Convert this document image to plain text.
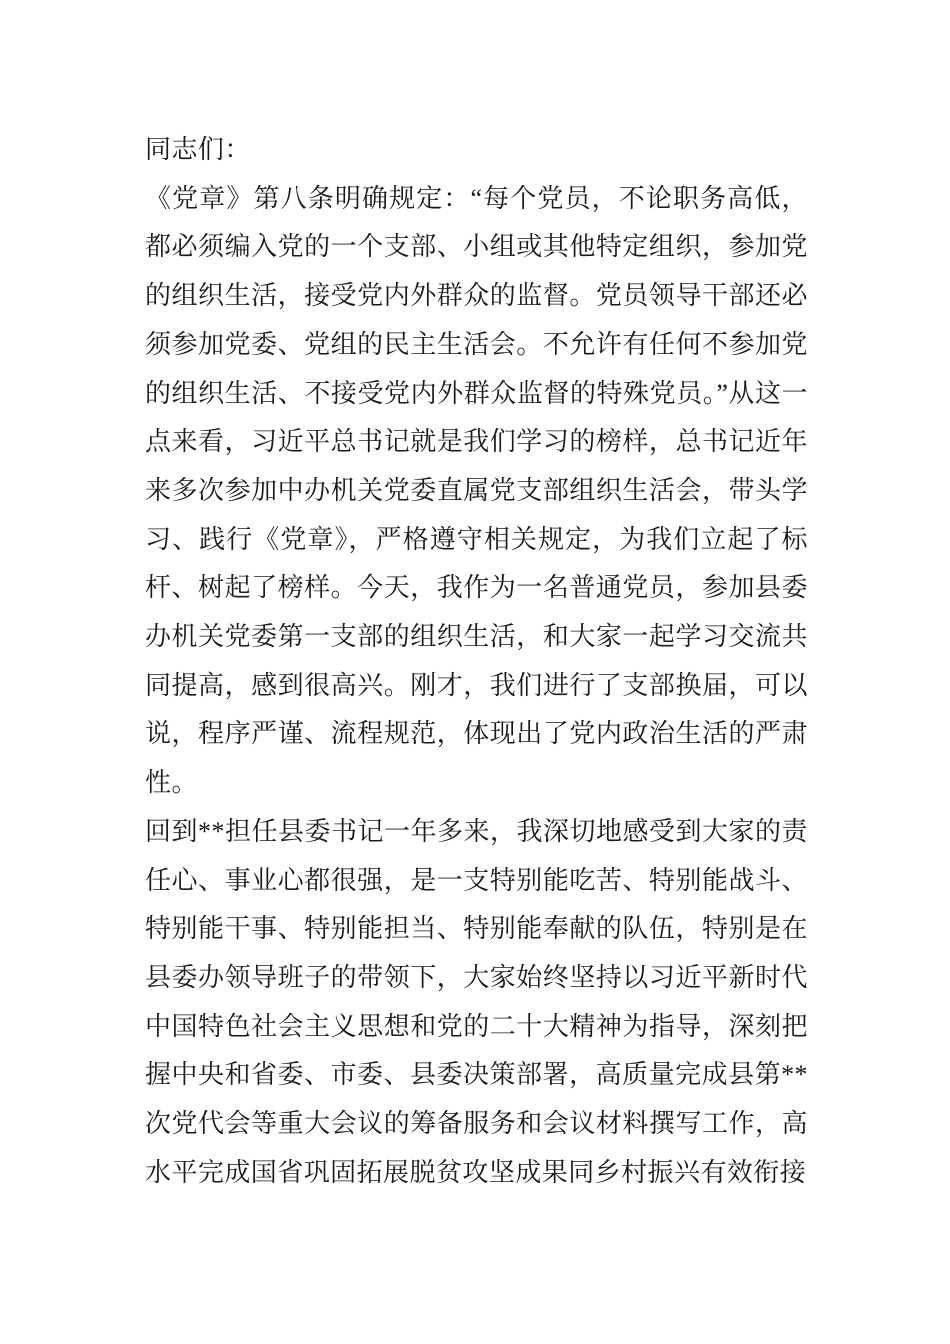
同志们：

《党章》第八条明确规定：“每个党员，不论职务高低，都必须编入党的一个支部、小组或其他特定组织，参加党的组织生活，接受党内外群众的监督。党员领导干部还必须参加党委、党组的民主生活会。不允许有任何不参加党的组织生活、不接受党内外群众监督的特殊党员。”从这一点来看，习近平总书记就是我们学习的榜样，总书记近年来多次参加中办机关党委直属党支部组织生活会，带头学习、践行《党章》，严格遵守相关规定，为我们立起了标杆、树起了榜样。今天，我作为一名普通党员，参加县委办机关党委第一支部的组织生活，和大家一起学习交流共同提高，感到很高兴。刚才，我们进行了支部换届，可以说，程序严谨、流程规范，体现出了党内政治生活的严肃性。

回到**担任县委书记一年多来，我深切地感受到大家的责任心、事业心都很强，是一支特别能吃苦、特别能战斗、特别能干事、特别能担当、特别能奉献的队伍，特别是在县委办领导班子的带领下，大家始终坚持以习近平新时代中国特色社会主义思想和党的二十大精神为指导，深刻把握中央和省委、市委、县委决策部署，高质量完成县第**次党代会等重大会议的筹备服务和会议材料撰写工作，高水平完成国省巩固拓展脱贫攻坚成果同乡村振兴有效衔接
